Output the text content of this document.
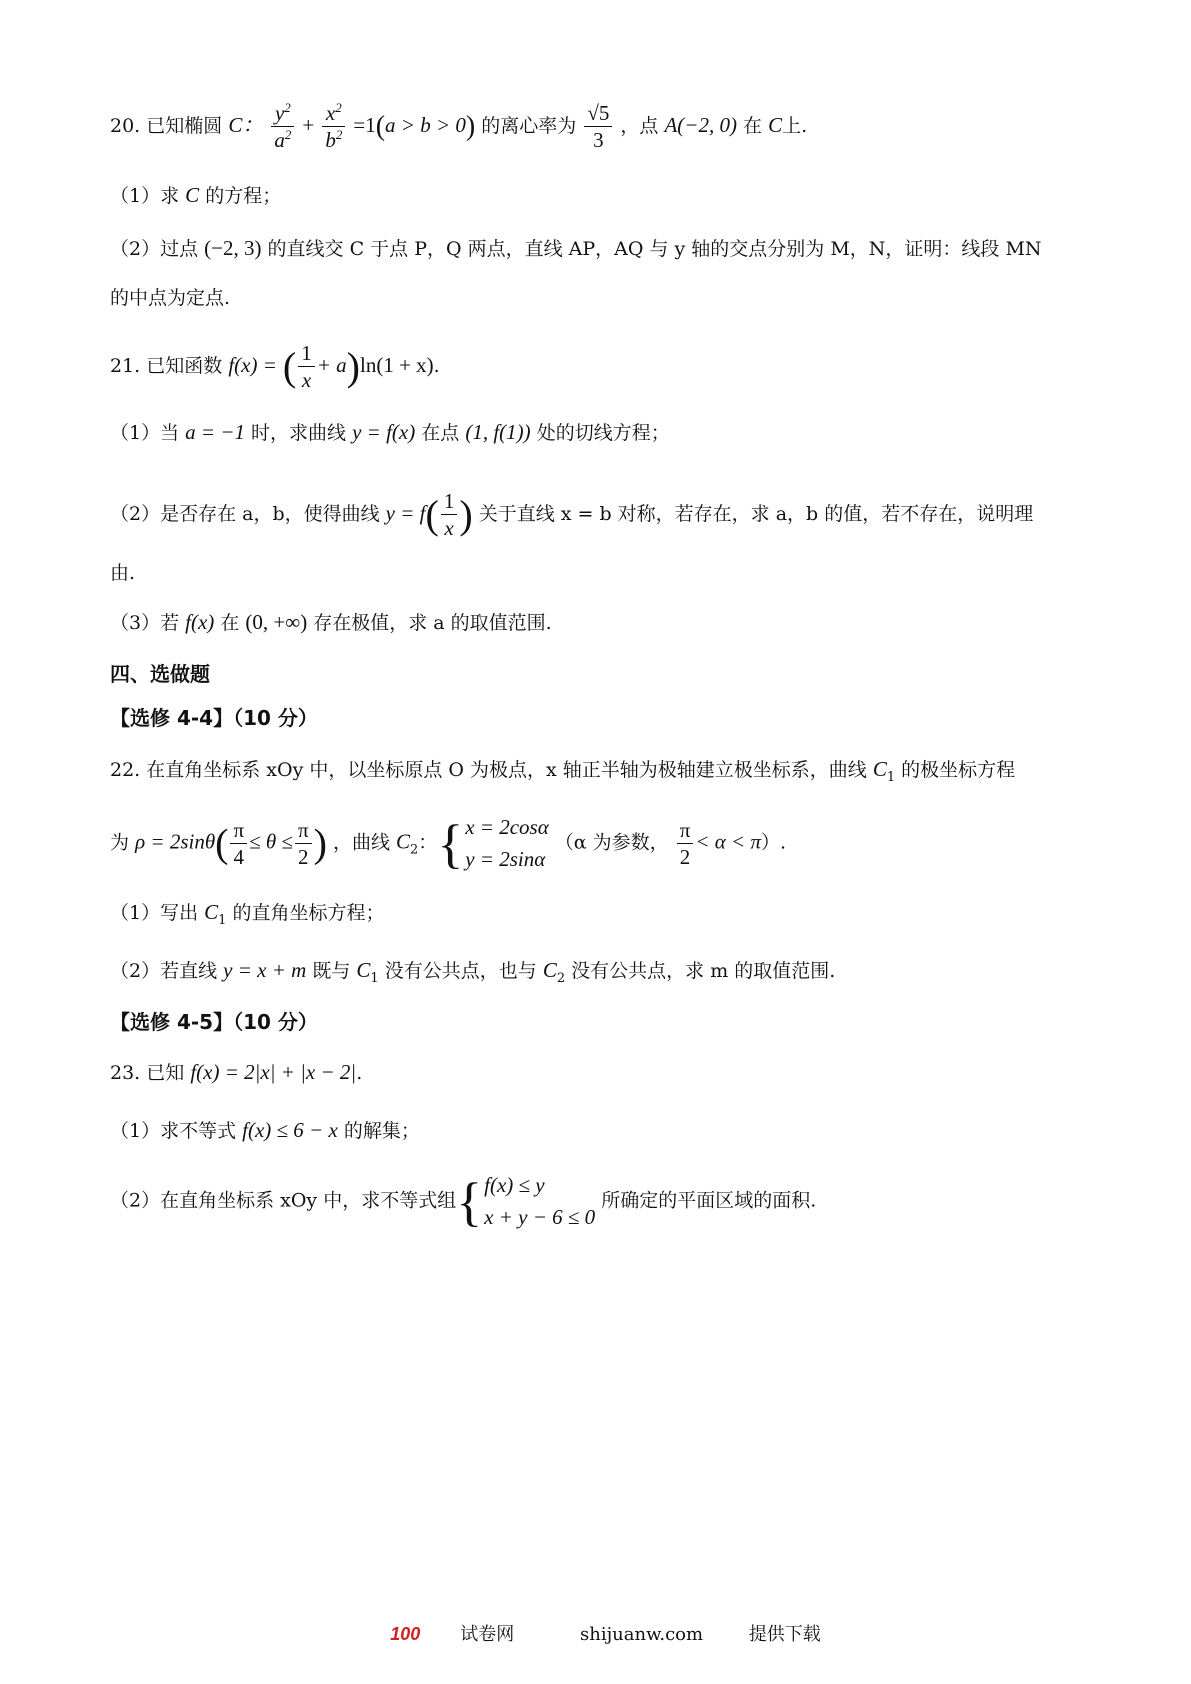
20. 已知椭圆 C： $\frac{y^2}{a^2} + \frac{x^2}{b^2} =1(a > b > 0)$ 的离心率为 $\frac{√5}{3}$ ，点 A(−2, 0) 在 C上.
（1）求 C 的方程；
（2）过点 (−2, 3) 的直线交 C 于点 P，Q 两点，直线 AP，AQ 与 y 轴的交点分别为 M，N，证明：线段 MN
的中点为定点.
21. 已知函数 f(x) = ( $\frac{1}{x} + a)\ln(1 + x)$.
（1）当 a = −1 时，求曲线 y = f(x) 在点 (1, f(1)) 处的切线方程；
（2）是否存在 a，b，使得曲线 $y = f( \frac{1}{x}$ ) 关于直线 x = b 对称，若存在，求 a，b 的值，若不存在，说明理
由.
（3）若 f(x) 在 (0, +∞) 存在极值，求 a 的取值范围.
四、选做题
【选修 4-4】（10 分）
22. 在直角坐标系 xOy 中，以坐标原点 O 为极点，x 轴正半轴为极轴建立极坐标系，曲线 $C_1$ 的极坐标方程
为 $\rho = 2\sin\theta( \frac{\pi}{4} \le \theta \le \frac{\pi}{2}$ ) ，曲线 $C_2$：{ x = 2cosα
y = 2sinα
（α 为参数， $\frac{\pi}{2} < \alpha < \pi$）.
（1）写出 $C_1$ 的直角坐标方程；
（2）若直线 y = x + m 既与 $C_1$ 没有公共点，也与 $C_2$ 没有公共点，求 m 的取值范围.
【选修 4-5】（10 分）
23. 已知 f(x) = 2|x| + |x − 2|.
（1）求不等式 f(x) ≤ 6 − x 的解集；
（2）在直角坐标系 xOy 中，求不等式组{ f(x) ≤ y
x + y − 6 ≤ 0
所确定的平面区域的面积.
100 试卷网	shijuanw.com	提供下载
